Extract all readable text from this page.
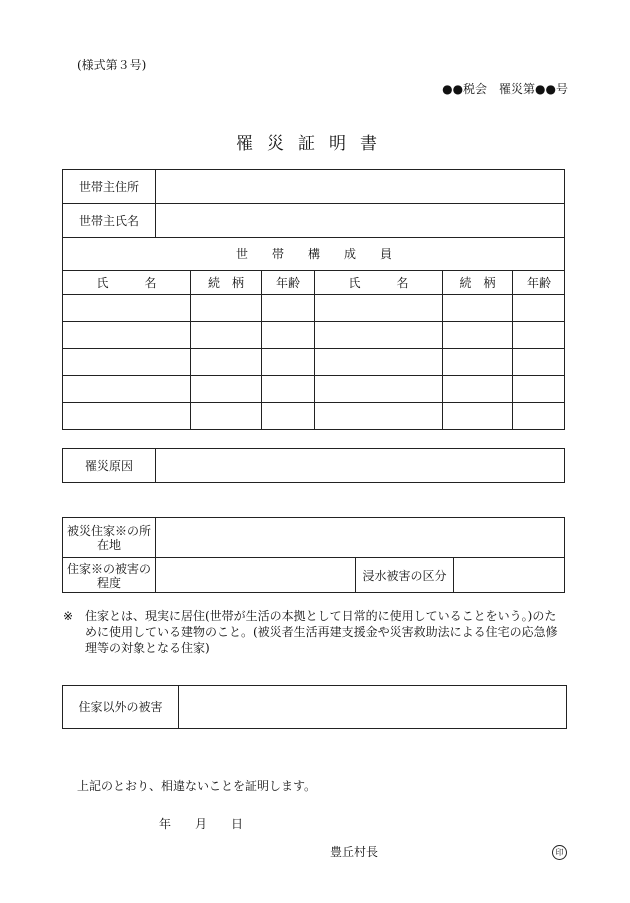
(様式第３号)
●●税会　罹災第●●号
罹災証明書
世帯主住所
世帯主氏名
世　　帯　　構　　成　　員
氏　　　名	続　柄	年齢	氏　　　名	続　柄	年齢
罹災原因
被災住家※の所在地
住家※の被害の程度	浸水被害の区分
※ 住家とは、現実に居住(世帯が生活の本拠として日常的に使用していることをいう。)のために使用している建物のこと。(被災者生活再建支援金や災害救助法による住宅の応急修理等の対象となる住家)
住家以外の被害
上記のとおり、相違ないことを証明します。
年　　月　　日
豊丘村長	印
